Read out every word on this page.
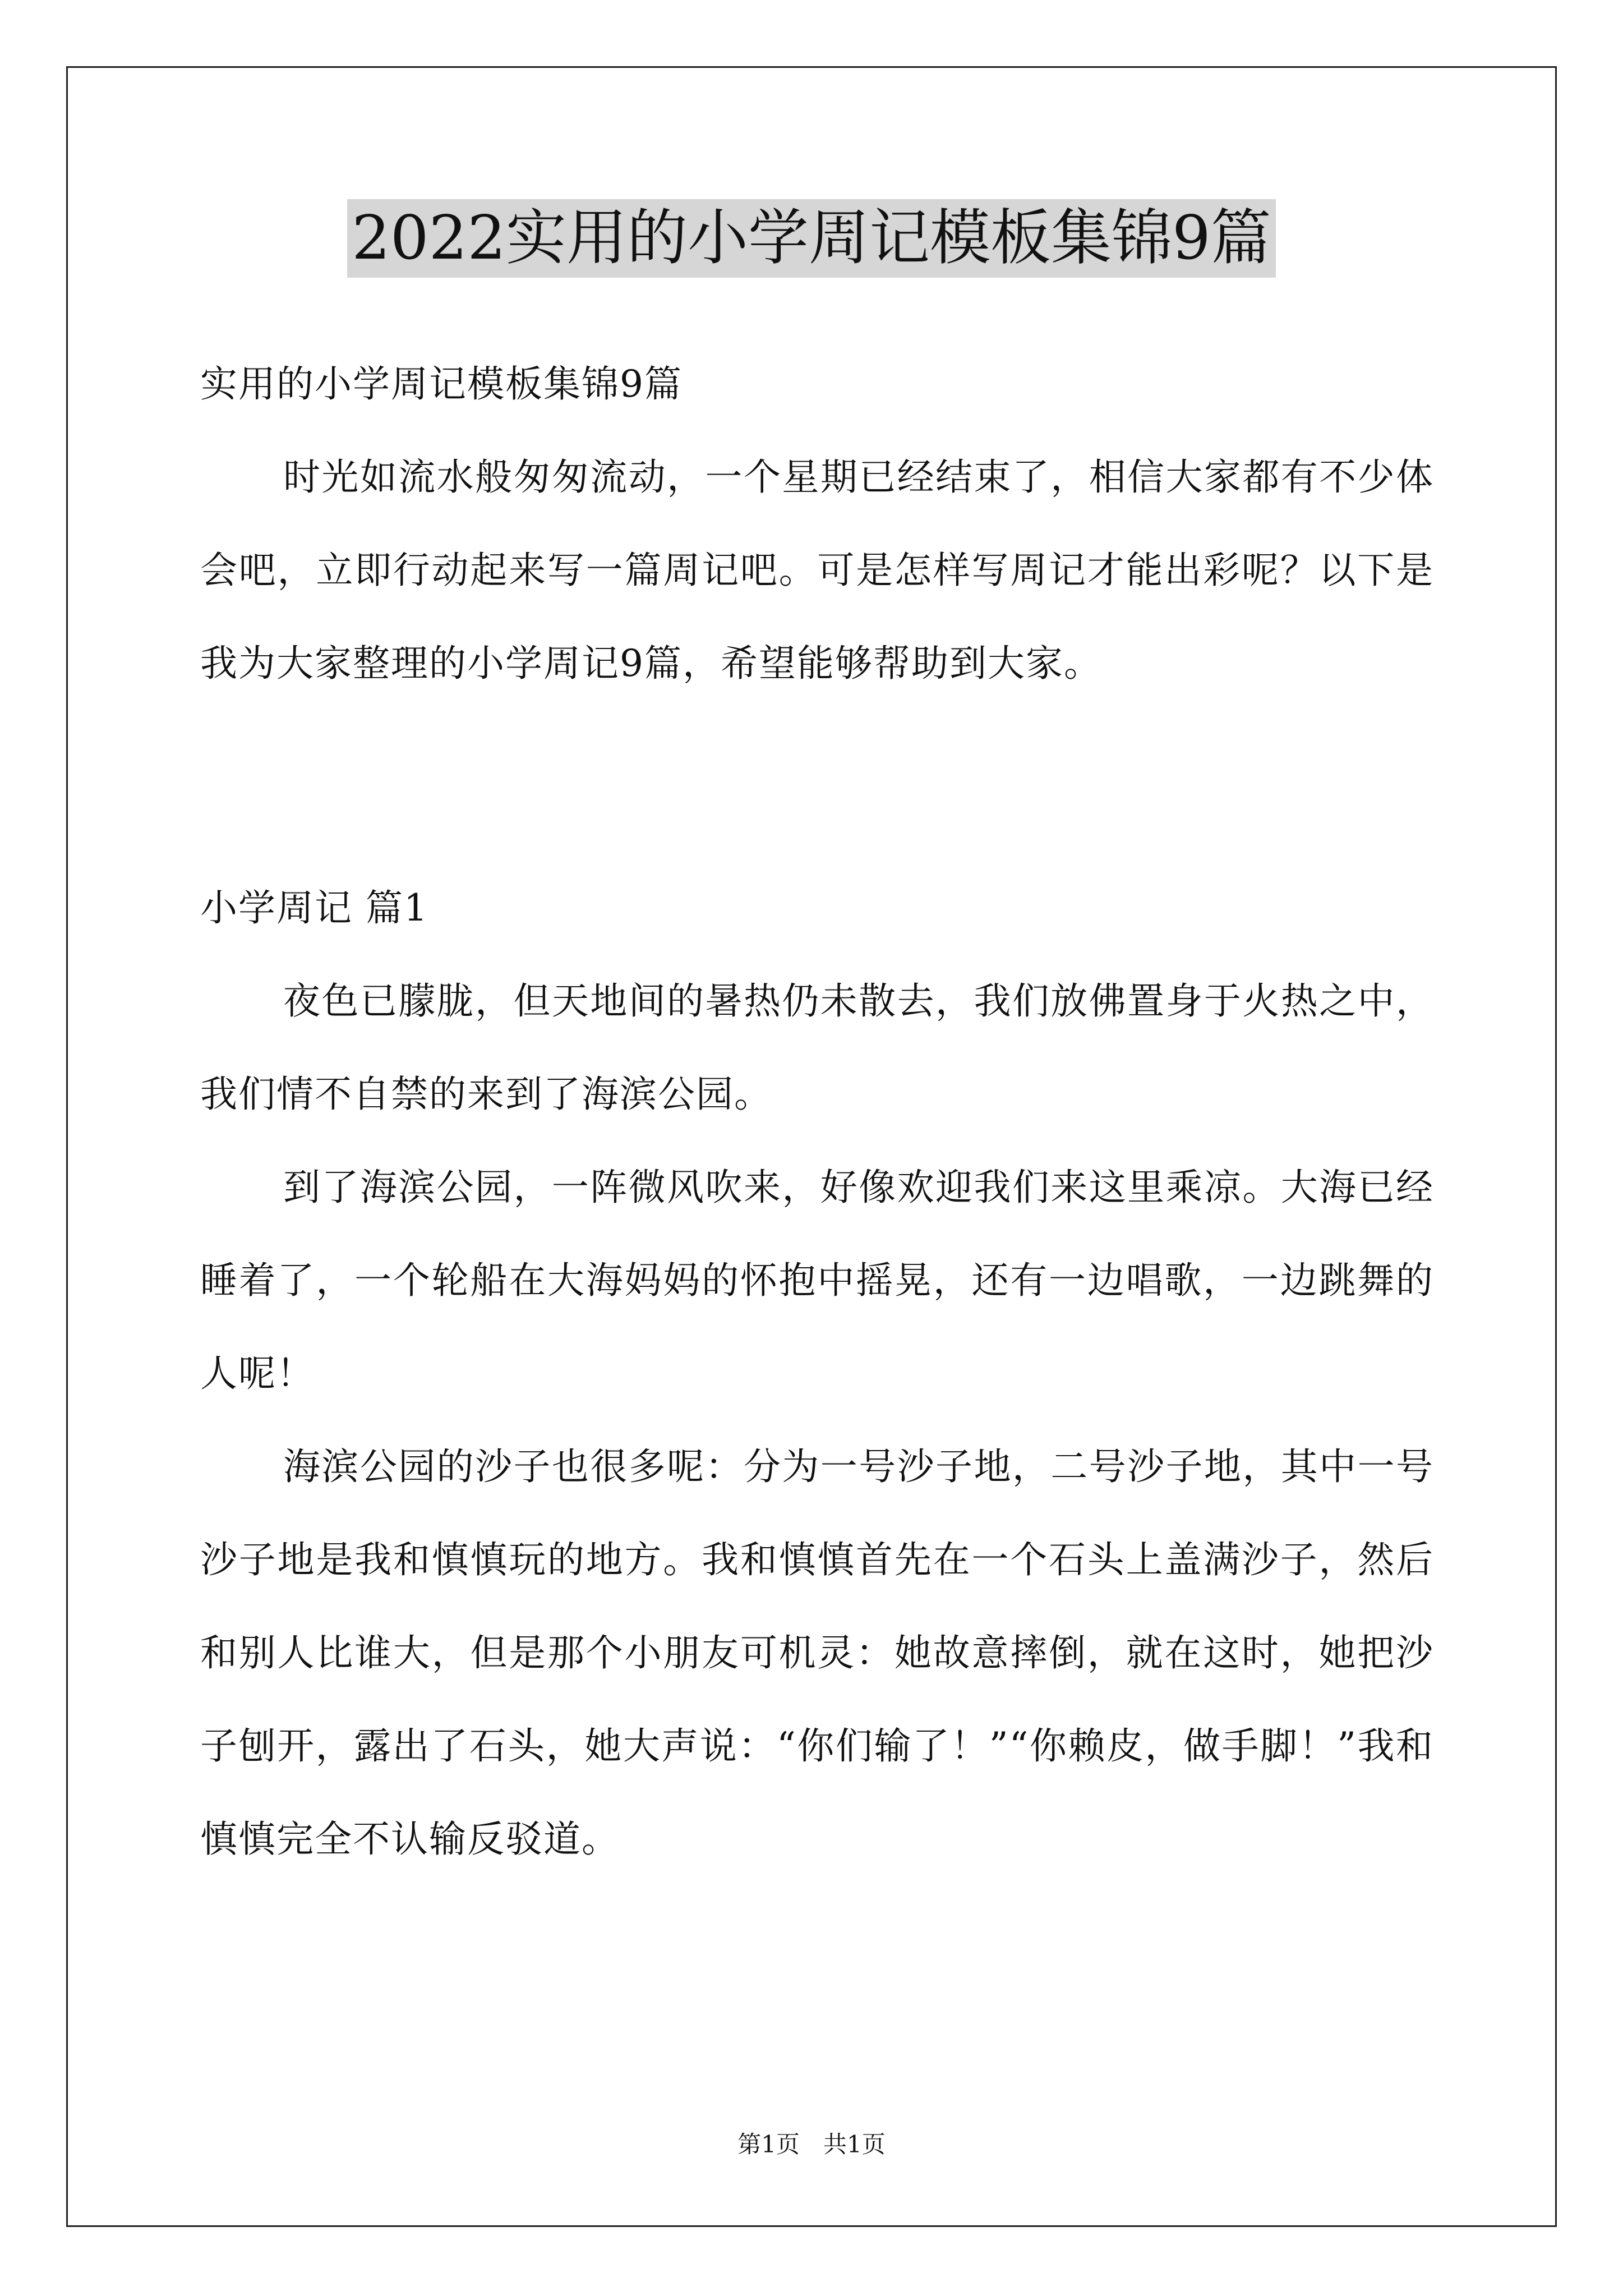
2022实用的小学周记模板集锦9篇

实用的小学周记模板集锦9篇

时光如流水般匆匆流动，一个星期已经结束了，相信大家都有不少体会吧，立即行动起来写一篇周记吧。可是怎样写周记才能出彩呢？以下是我为大家整理的小学周记9篇，希望能够帮助到大家。

小学周记 篇1

夜色已朦胧，但天地间的暑热仍未散去，我们放佛置身于火热之中，我们情不自禁的来到了海滨公园。

到了海滨公园，一阵微风吹来，好像欢迎我们来这里乘凉。大海已经睡着了，一个轮船在大海妈妈的怀抱中摇晃，还有一边唱歌，一边跳舞的人呢！

海滨公园的沙子也很多呢：分为一号沙子地，二号沙子地，其中一号沙子地是我和慎慎玩的地方。我和慎慎首先在一个石头上盖满沙子，然后和别人比谁大，但是那个小朋友可机灵：她故意摔倒，就在这时，她把沙子刨开，露出了石头，她大声说：“你们输了！”“你赖皮，做手脚！”我和慎慎完全不认输反驳道。

第1页　共1页
